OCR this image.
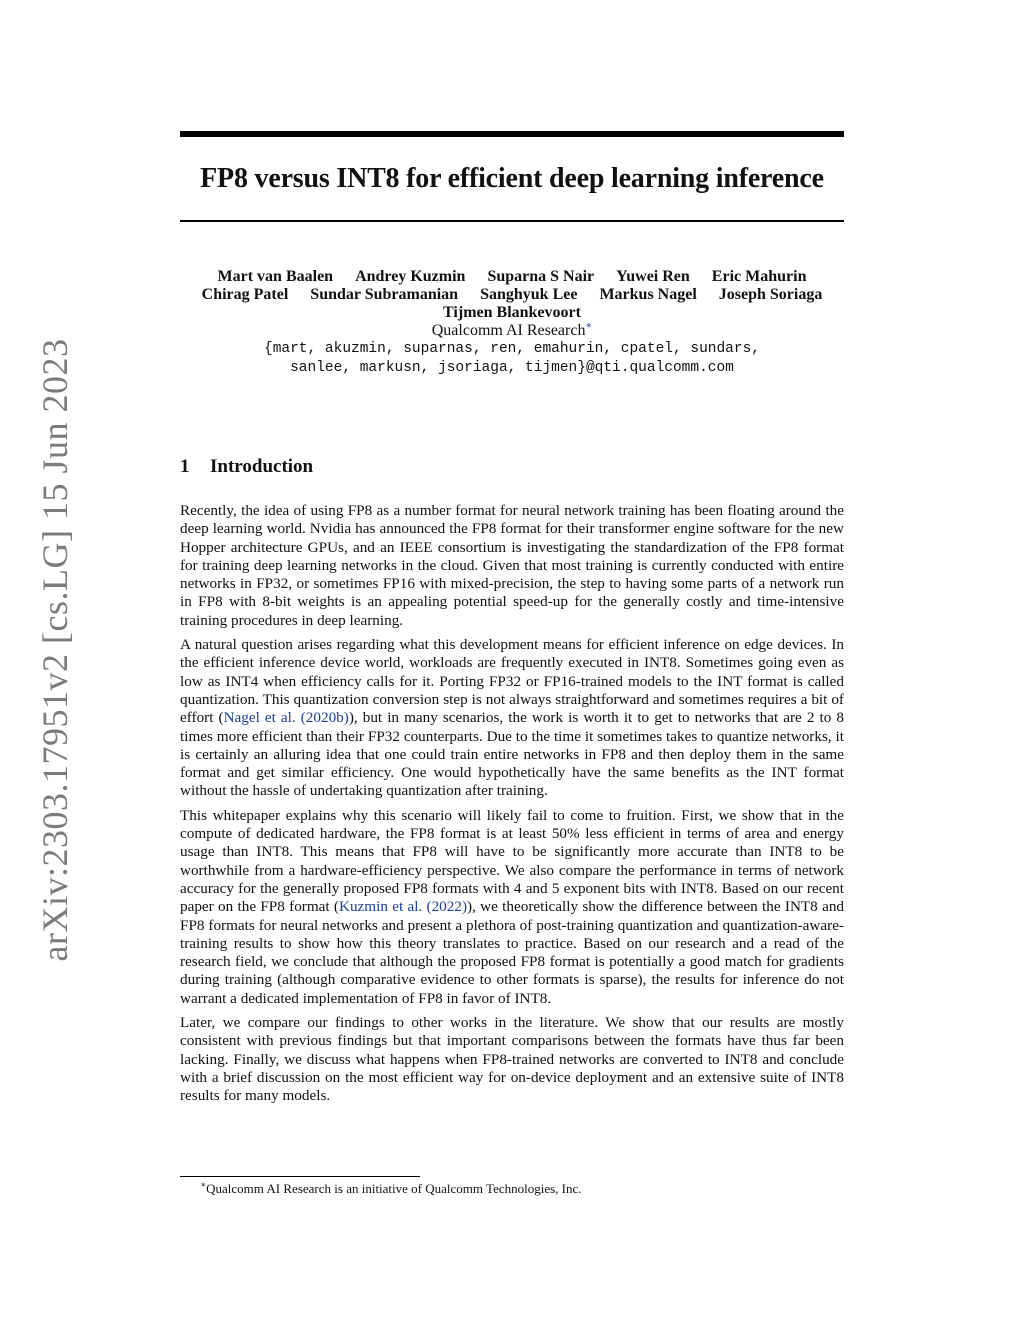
arXiv:2303.17951v2 [cs.LG] 15 Jun 2023
FP8 versus INT8 for efficient deep learning inference
Mart van Baalen Andrey Kuzmin Suparna S Nair Yuwei Ren Eric Mahurin
Chirag Patel Sundar Subramanian Sanghyuk Lee Markus Nagel Joseph Soriaga
Tijmen Blankevoort
Qualcomm AI Research∗
{mart, akuzmin, suparnas, ren, emahurin, cpatel, sundars,
sanlee, markusn, jsoriaga, tijmen}@qti.qualcomm.com
1 Introduction

Recently, the idea of using FP8 as a number format for neural network training has been floating around the deep learning world. Nvidia has announced the FP8 format for their transformer engine software for the new Hopper architecture GPUs, and an IEEE consortium is investigating the standardization of the FP8 format for training deep learning networks in the cloud. Given that most training is currently conducted with entire networks in FP32, or sometimes FP16 with mixed-precision, the step to having some parts of a network run in FP8 with 8-bit weights is an appealing potential speed-up for the generally costly and time-intensive training procedures in deep learning.

A natural question arises regarding what this development means for efficient inference on edge devices. In the efficient inference device world, workloads are frequently executed in INT8. Sometimes going even as low as INT4 when efficiency calls for it. Porting FP32 or FP16-trained models to the INT format is called quantization. This quantization conversion step is not always straightforward and sometimes requires a bit of effort (Nagel et al. (2020b)), but in many scenarios, the work is worth it to get to networks that are 2 to 8 times more efficient than their FP32 counterparts. Due to the time it sometimes takes to quantize networks, it is certainly an alluring idea that one could train entire networks in FP8 and then deploy them in the same format and get similar efficiency. One would hypothetically have the same benefits as the INT format without the hassle of undertaking quantization after training.

This whitepaper explains why this scenario will likely fail to come to fruition. First, we show that in the compute of dedicated hardware, the FP8 format is at least 50% less efficient in terms of area and energy usage than INT8. This means that FP8 will have to be significantly more accurate than INT8 to be worthwhile from a hardware-efficiency perspective. We also compare the performance in terms of network accuracy for the generally proposed FP8 formats with 4 and 5 exponent bits with INT8. Based on our recent paper on the FP8 format (Kuzmin et al. (2022)), we theoretically show the difference between the INT8 and FP8 formats for neural networks and present a plethora of post-training quantization and quantization-aware-training results to show how this theory translates to practice. Based on our research and a read of the research field, we conclude that although the proposed FP8 format is potentially a good match for gradients during training (although comparative evidence to other formats is sparse), the results for inference do not warrant a dedicated implementation of FP8 in favor of INT8.

Later, we compare our findings to other works in the literature. We show that our results are mostly consistent with previous findings but that important comparisons between the formats have thus far been lacking. Finally, we discuss what happens when FP8-trained networks are converted to INT8 and conclude with a brief discussion on the most efficient way for on-device deployment and an extensive suite of INT8 results for many models.

∗Qualcomm AI Research is an initiative of Qualcomm Technologies, Inc.
